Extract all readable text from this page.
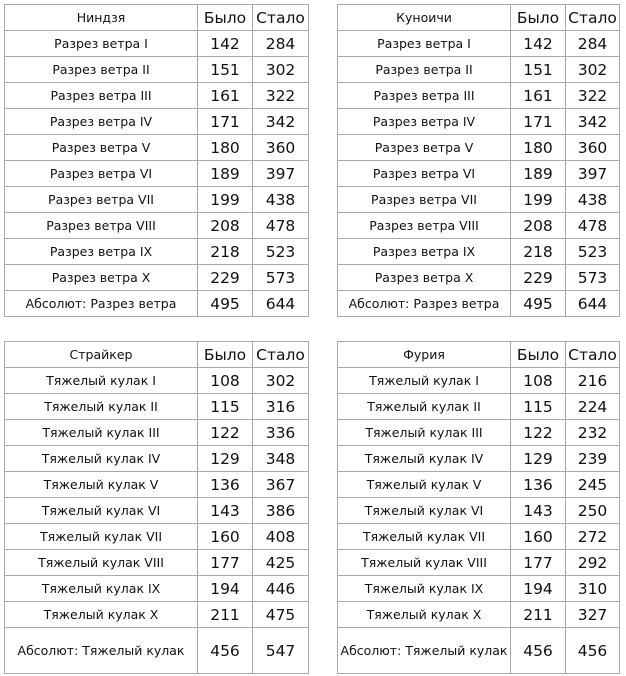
Ниндзя	Было	Стало
Разрез ветра I	142	284
Разрез ветра II	151	302
Разрез ветра III	161	322
Разрез ветра IV	171	342
Разрез ветра V	180	360
Разрез ветра VI	189	397
Разрез ветра VII	199	438
Разрез ветра VIII	208	478
Разрез ветра IX	218	523
Разрез ветра X	229	573
Абсолют: Разрез ветра	495	644
Куноичи	Было	Стало
Разрез ветра I	142	284
Разрез ветра II	151	302
Разрез ветра III	161	322
Разрез ветра IV	171	342
Разрез ветра V	180	360
Разрез ветра VI	189	397
Разрез ветра VII	199	438
Разрез ветра VIII	208	478
Разрез ветра IX	218	523
Разрез ветра X	229	573
Абсолют: Разрез ветра	495	644
Страйкер	Было	Стало
Тяжелый кулак I	108	302
Тяжелый кулак II	115	316
Тяжелый кулак III	122	336
Тяжелый кулак IV	129	348
Тяжелый кулак V	136	367
Тяжелый кулак VI	143	386
Тяжелый кулак VII	160	408
Тяжелый кулак VIII	177	425
Тяжелый кулак IX	194	446
Тяжелый кулак X	211	475
Абсолют: Тяжелый кулак	456	547
Фурия	Было	Стало
Тяжелый кулак I	108	216
Тяжелый кулак II	115	224
Тяжелый кулак III	122	232
Тяжелый кулак IV	129	239
Тяжелый кулак V	136	245
Тяжелый кулак VI	143	250
Тяжелый кулак VII	160	272
Тяжелый кулак VIII	177	292
Тяжелый кулак IX	194	310
Тяжелый кулак X	211	327
Абсолют: Тяжелый кулак	456	456
